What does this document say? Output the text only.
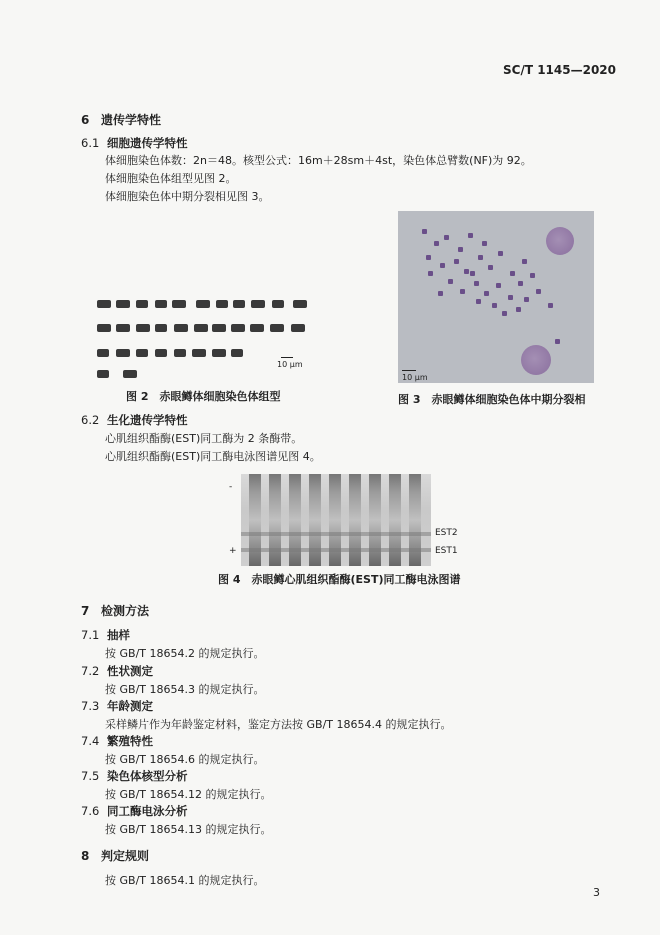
SC/T 1145—2020
6 遗传学特性
6.1 细胞遗传学特性
体细胞染色体数：2n＝48。核型公式：16m＋28sm＋4st，染色体总臂数(NF)为 92。
体细胞染色体组型见图 2。
体细胞染色体中期分裂相见图 3。
10 μm
图 2　赤眼鳟体细胞染色体组型
10 μm
图 3　赤眼鳟体细胞染色体中期分裂相
6.2 生化遗传学特性
心肌组织酯酶(EST)同工酶为 2 条酶带。
心肌组织酯酶(EST)同工酶电泳图谱见图 4。
-
+
EST2
EST1
图 4　赤眼鳟心肌组织酯酶(EST)同工酶电泳图谱
7 检测方法
7.1 抽样
按 GB/T 18654.2 的规定执行。
7.2 性状测定
按 GB/T 18654.3 的规定执行。
7.3 年龄测定
采样鳞片作为年龄鉴定材料，鉴定方法按 GB/T 18654.4 的规定执行。
7.4 繁殖特性
按 GB/T 18654.6 的规定执行。
7.5 染色体核型分析
按 GB/T 18654.12 的规定执行。
7.6 同工酶电泳分析
按 GB/T 18654.13 的规定执行。
8 判定规则
按 GB/T 18654.1 的规定执行。
3
